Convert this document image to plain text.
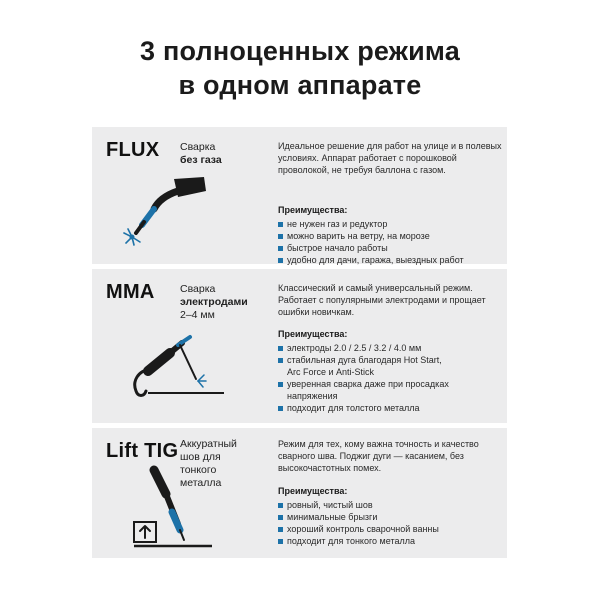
3 полноценных режима
в одном аппарате
FLUX Сварка
без газа
Идеальное решение для работ на улице и в полевых условиях. Аппарат работает с порошковой проволокой, не требуя баллона с газом.
Преимущества:
не нужен газ и редуктор
можно варить на ветру, на морозе
быстрое начало работы
удобно для дачи, гаража, выездных работ
MMA Сварка
электродами
2–4 мм
Классический и самый универсальный режим. Работает с популярными электродами и прощает ошибки новичкам.
Преимущества:
электроды 2.0 / 2.5 / 3.2 / 4.0 мм
стабильная дуга благодаря Hot Start,
Arc Force и Anti-Stick
уверенная сварка даже при просадках
напряжения
подходит для толстого металла
Lift TIG Аккуратный
шов для
тонкого
металла
Режим для тех, кому важна точность и качество сварного шва. Поджиг дуги — касанием, без высокочастотных помех.
Преимущества:
ровный, чистый шов
минимальные брызги
хороший контроль сварочной ванны
подходит для тонкого металла
